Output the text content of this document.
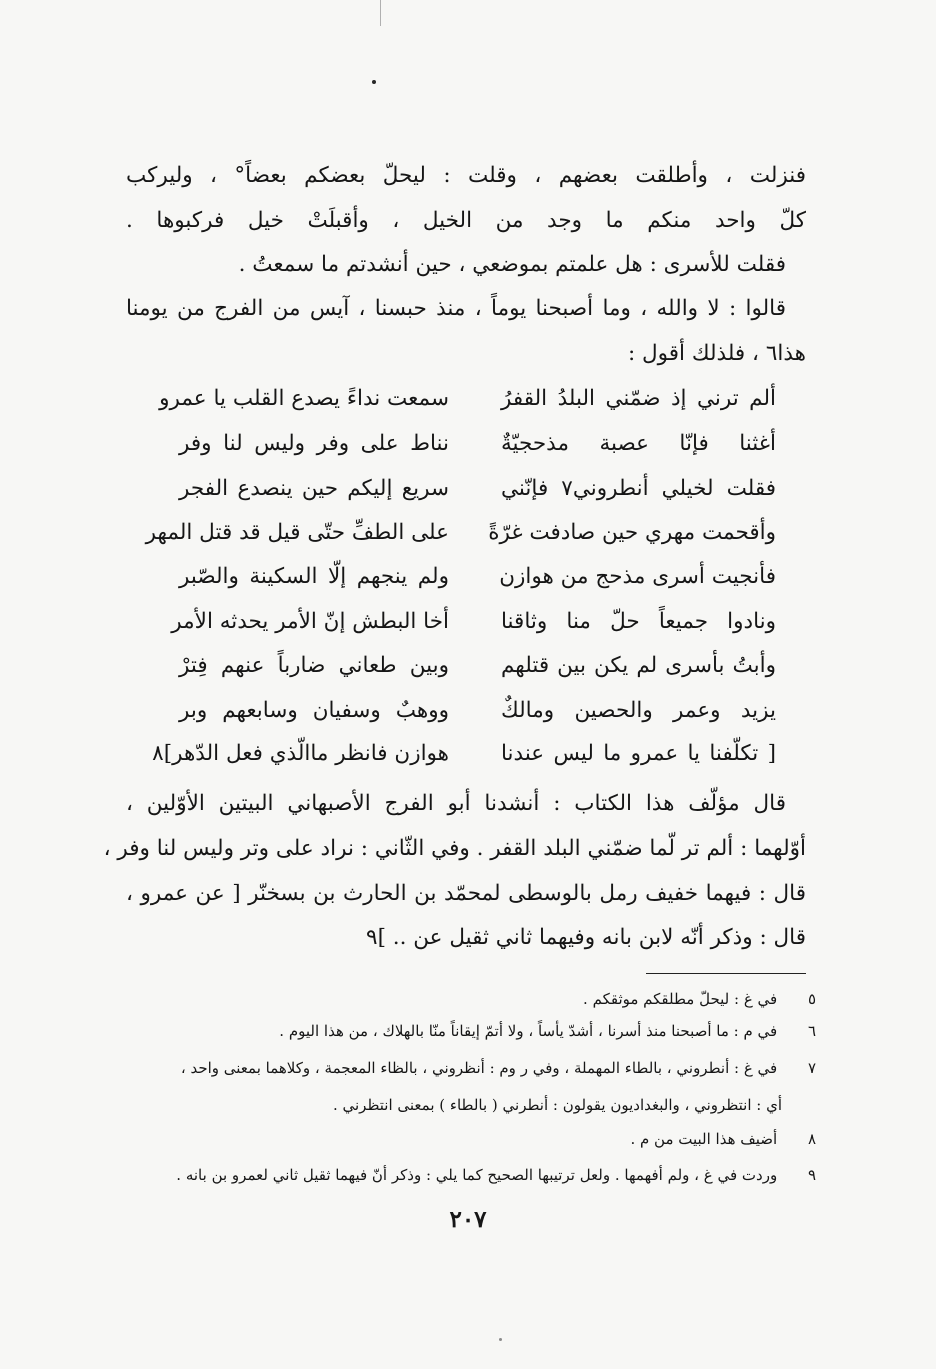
فنزلت ، وأطلقت بعضهم ، وقلت : ليحلّ بعضكم بعضاً° ، وليركب

كلّ واحد منكم ما وجد من الخيل ، وأقبلَتْ خيل فركبوها .

فقلت للأسرى : هل علمتم بموضعي ، حين أنشدتم ما سمعتُ .

قالوا : لا والله ، وما أصبحنا يوماً ، منذ حبسنا ، آيس من الفرج من يومنا

هذا٦ ، فلذلك أقول :

ألم ترني إذ ضمّني البلدُ القفرُ
سمعت نداءً يصدع القلب يا عمرو
أغثنا فإنّا عصبة مذحجيّةٌ
نناط على وفر وليس لنا وفر
فقلت لخيلي أنطروني٧ فإنّني
سريع إليكم حين ينصدع الفجر
وأقحمت مهري حين صادفت غرّةً
على الطفِّ حتّى قيل قد قتل المهر
فأنجيت أسرى مذحج من هوازن
ولم ينجهم إلّا السكينة والصّبر
ونادوا جميعاً حلّ منا وثاقنا
أخا البطش إنّ الأمر يحدثه الأمر
وأبتُ بأسرى لم يكن بين قتلهم
وبين طعاني ضارباً عنهم فِترْ
يزيد وعمر والحصين ومالكٌ
ووهبٌ وسفيان وسابعهم وبر
[ تكلّفنا يا عمرو ما ليس عندنا
هوازن فانظر ماالّذي فعل الدّهر]٨

قال مؤلّف هذا الكتاب : أنشدنا أبو الفرج الأصبهاني البيتين الأوّلين ،

أوّلهما : ألم تر لّما ضمّني البلد القفر . وفي الثّاني : نراد على وتر وليس لنا وفر ،

قال : فيهما خفيف رمل بالوسطى لمحمّد بن الحارث بن بسخنّر [ عن عمرو ،

قال : وذكر أنّه لابن بانه وفيهما ثاني ثقيل عن .. ]٩

٥ في غ : ليحلّ مطلقكم موثقكم .
٦ في م : ما أصبحنا منذ أسرنا ، أشدّ يأساً ، ولا أتمّ إيقاناً منّا بالهلاك ، من هذا اليوم .
٧ في غ : أنطروني ، بالطاء المهملة ، وفي ر وم : أنظروني ، بالظاء المعجمة ، وكلاهما بمعنى واحد ،
أي : انتظروني ، والبغداديون يقولون : أنطرني ( بالطاء ) بمعنى انتظرني .
٨ أضيف هذا البيت من م .
٩ وردت في غ ، ولم أفهمها . ولعل ترتيبها الصحيح كما يلي : وذكر أنّ فيهما ثقيل ثاني لعمرو بن بانه .
٢٠٧
